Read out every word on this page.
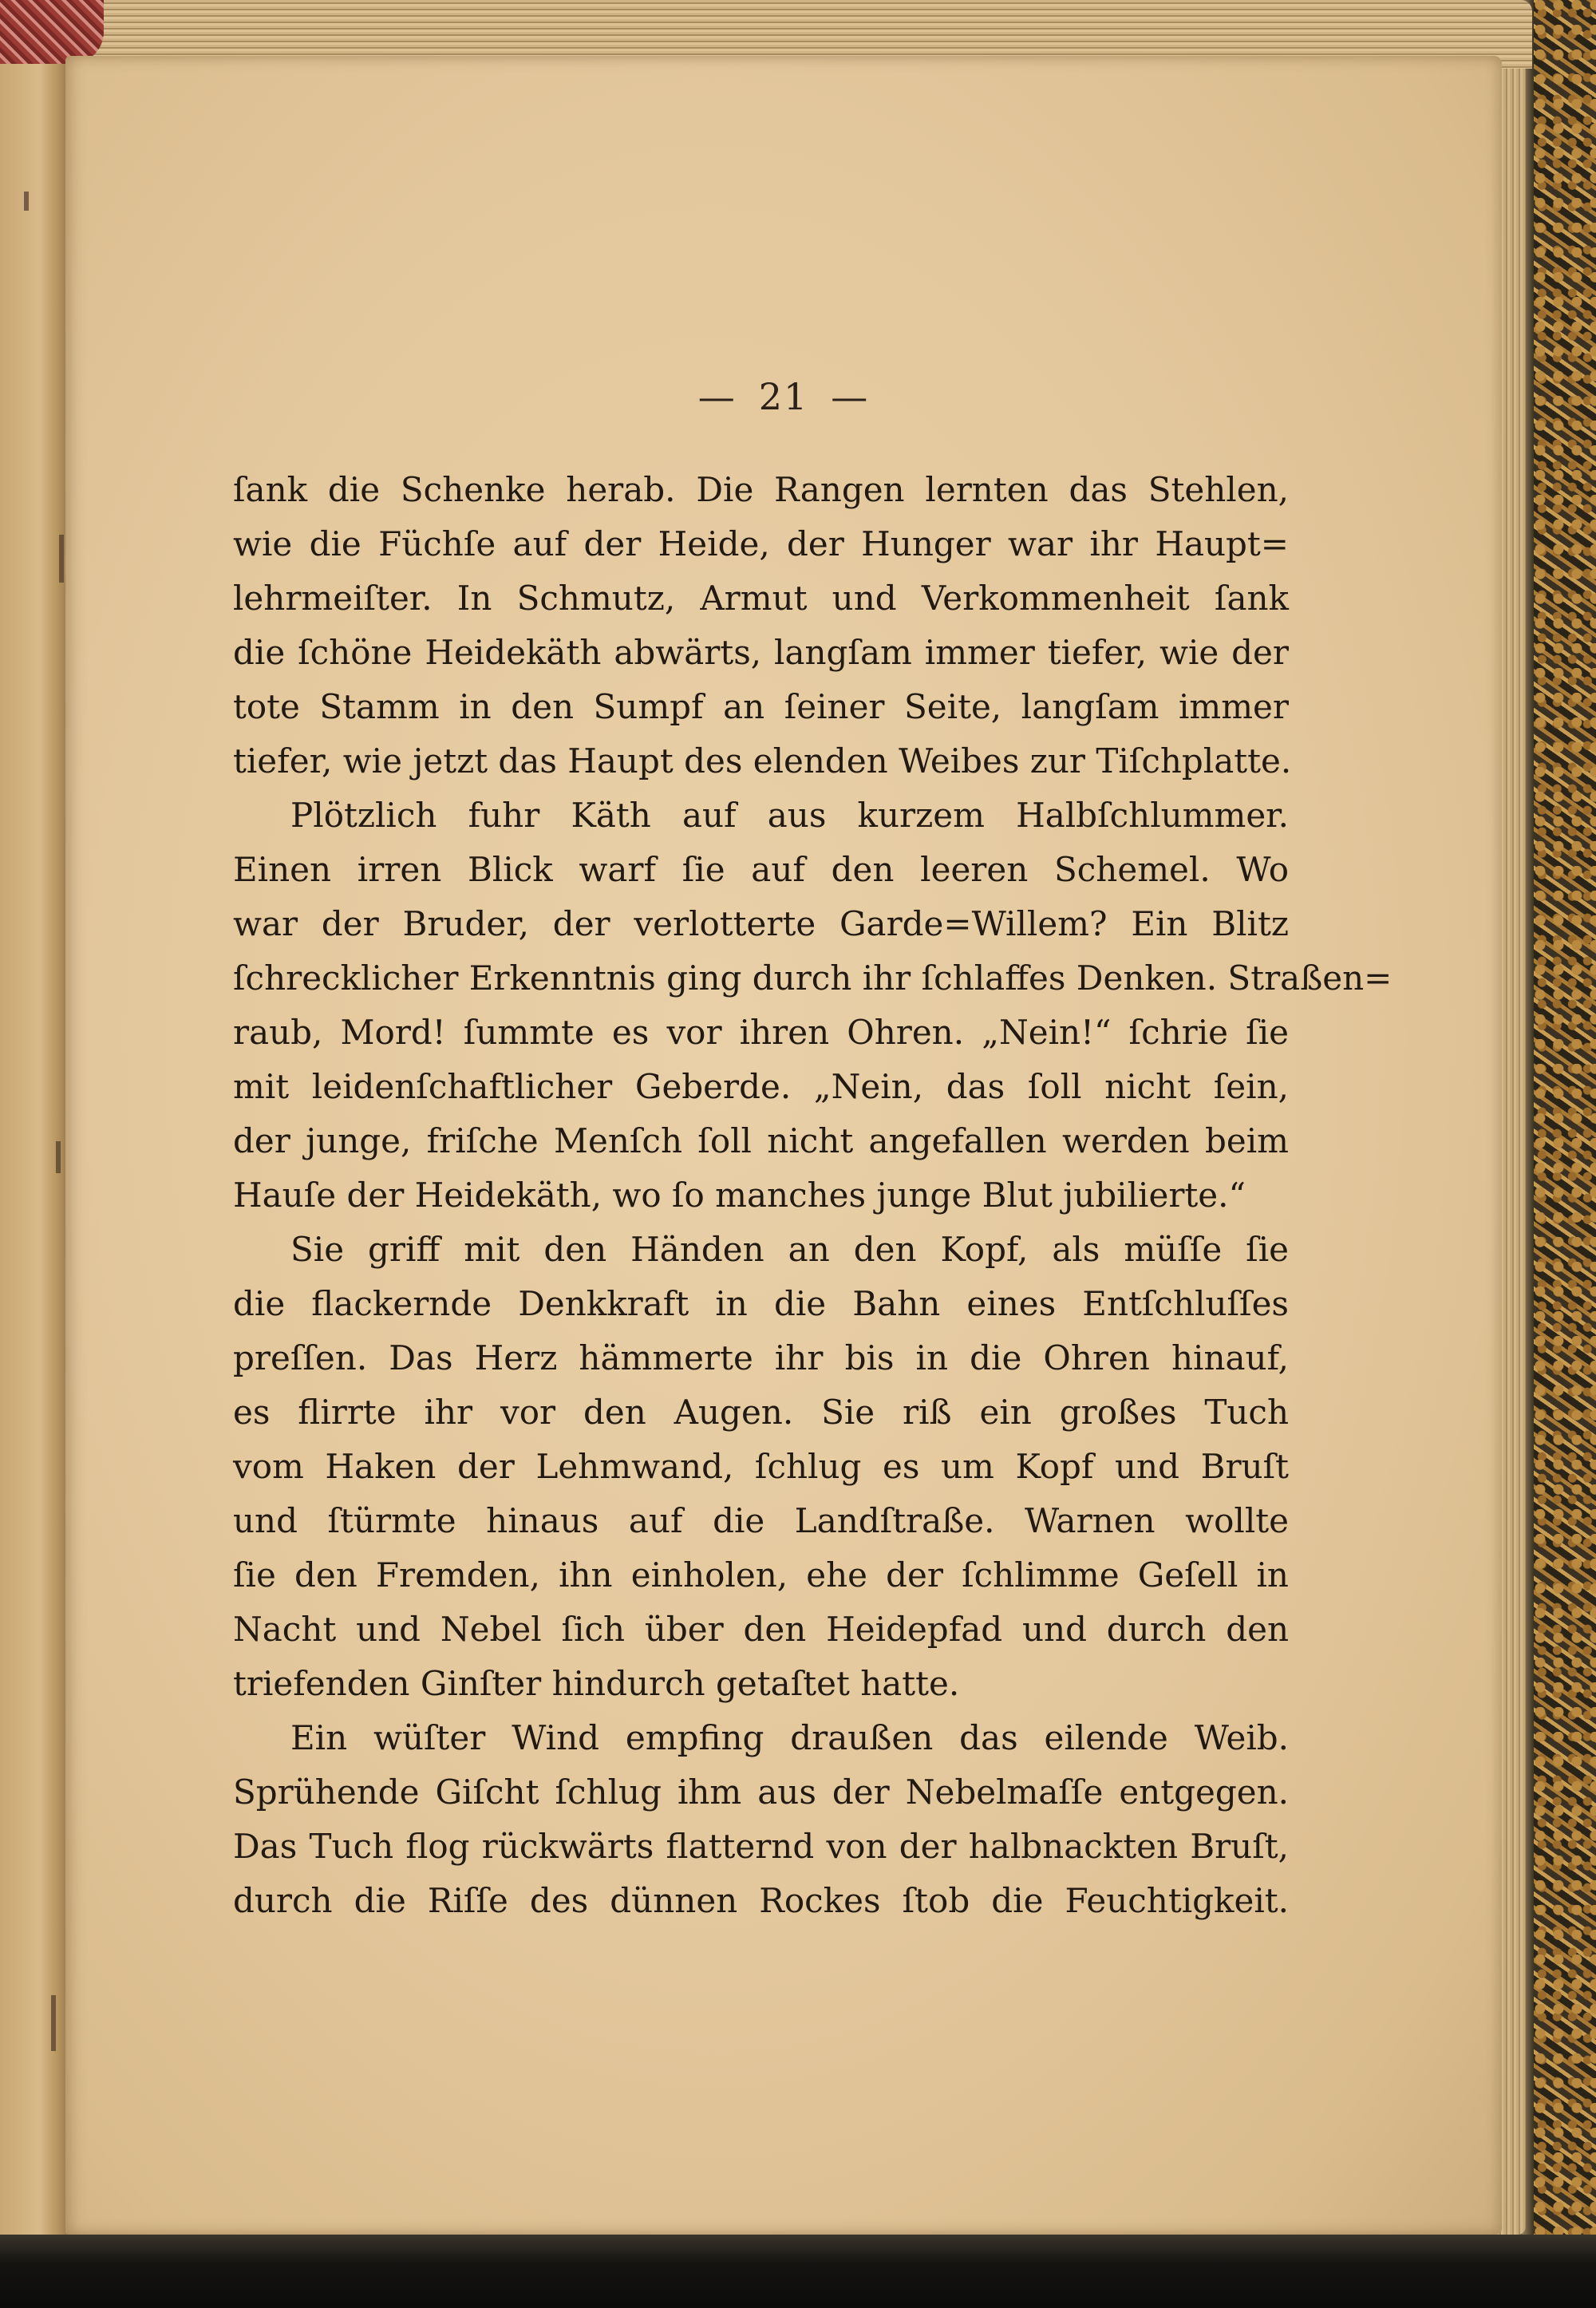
— 21 —
ſank die Schenke herab. Die Rangen lernten das Stehlen,
wie die Füchſe auf der Heide, der Hunger war ihr Haupt=
lehrmeiſter. In Schmutz, Armut und Verkommenheit ſank
die ſchöne Heidekäth abwärts, langſam immer tiefer, wie der
tote Stamm in den Sumpf an ſeiner Seite, langſam immer
tiefer, wie jetzt das Haupt des elenden Weibes zur Tiſchplatte.
Plötzlich fuhr Käth auf aus kurzem Halbſchlummer.
Einen irren Blick warf ſie auf den leeren Schemel. Wo
war der Bruder, der verlotterte Garde=Willem? Ein Blitz
ſchrecklicher Erkenntnis ging durch ihr ſchlaffes Denken. Straßen=
raub, Mord! ſummte es vor ihren Ohren. „Nein!“ ſchrie ſie
mit leidenſchaftlicher Geberde. „Nein, das ſoll nicht ſein,
der junge, friſche Menſch ſoll nicht angefallen werden beim
Hauſe der Heidekäth, wo ſo manches junge Blut jubilierte.“
Sie griff mit den Händen an den Kopf, als müſſe ſie
die flackernde Denkkraft in die Bahn eines Entſchluſſes
preſſen. Das Herz hämmerte ihr bis in die Ohren hinauf,
es flirrte ihr vor den Augen. Sie riß ein großes Tuch
vom Haken der Lehmwand, ſchlug es um Kopf und Bruſt
und ſtürmte hinaus auf die Landſtraße. Warnen wollte
ſie den Fremden, ihn einholen, ehe der ſchlimme Geſell in
Nacht und Nebel ſich über den Heidepfad und durch den
triefenden Ginſter hindurch getaſtet hatte.
Ein wüſter Wind empfing draußen das eilende Weib.
Sprühende Giſcht ſchlug ihm aus der Nebelmaſſe entgegen.
Das Tuch flog rückwärts flatternd von der halbnackten Bruſt,
durch die Riſſe des dünnen Rockes ſtob die Feuchtigkeit.
